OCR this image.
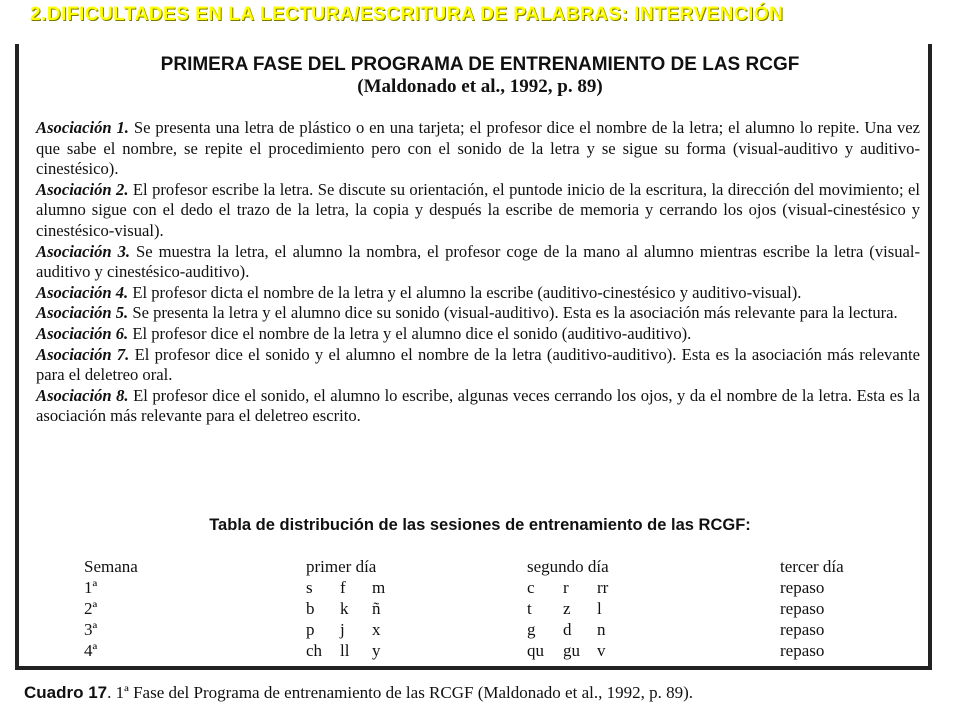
2.DIFICULTADES EN LA LECTURA/ESCRITURA DE PALABRAS: INTERVENCIÓN
PRIMERA FASE DEL PROGRAMA DE ENTRENAMIENTO DE LAS RCGF
(Maldonado et al., 1992, p. 89)

Asociación 1. Se presenta una letra de plástico o en una tarjeta; el profesor dice el nombre de la letra; el alumno lo repite. Una vez que sabe el nombre, se repite el procedimiento pero con el sonido de la letra y se sigue su forma (visual-auditivo y auditivo-cinestésico).

Asociación 2. El profesor escribe la letra. Se discute su orientación, el puntode inicio de la escritura, la dirección del movimiento; el alumno sigue con el dedo el trazo de la letra, la copia y después la escribe de memoria y cerrando los ojos (visual-cinestésico y cinestésico-visual).

Asociación 3. Se muestra la letra, el alumno la nombra, el profesor coge de la mano al alumno mientras escribe la letra (visual-auditivo y cinestésico-auditivo).

Asociación 4. El profesor dicta el nombre de la letra y el alumno la escribe (auditivo-cinestésico y auditivo-visual).

Asociación 5. Se presenta la letra y el alumno dice su sonido (visual-auditivo). Esta es la asociación más relevante para la lectura.

Asociación 6. El profesor dice el nombre de la letra y el alumno dice el sonido (auditivo-auditivo).

Asociación 7. El profesor dice el sonido y el alumno el nombre de la letra (auditivo-auditivo). Esta es la asociación más relevante para el deletreo oral.

Asociación 8. El profesor dice el sonido, el alumno lo escribe, algunas veces cerrando los ojos, y da el nombre de la letra. Esta es la asociación más relevante para el deletreo escrito.

Tabla de distribución de las sesiones de entrenamiento de las RCGF:
Semana
1ª
2ª
3ª
4ª
primer día
s f m
b k ñ
p j x
ch ll y
segundo día
c r rr
t z l
g d n
qu gu v
tercer día
repaso
repaso
repaso
repaso
Cuadro 17. 1ª Fase del Programa de entrenamiento de las RCGF (Maldonado et al., 1992, p. 89).
